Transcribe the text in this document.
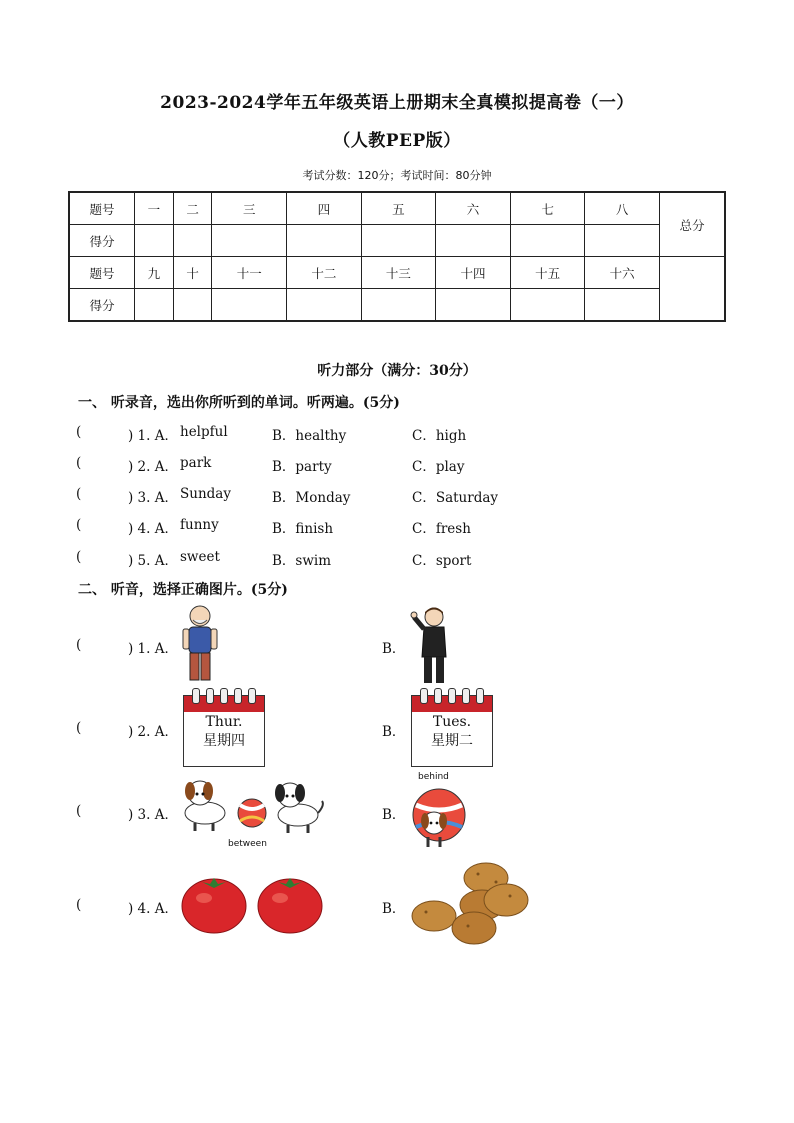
2023-2024学年五年级英语上册期末全真模拟提高卷（一）
（人教PEP版）
考试分数：120分；考试时间：80分钟
题号	一	二	三	四	五	六	七	八	总分
得分									
题号	九	十	十一	十二	十三	十四	十五	十六	
得分									
听力部分（满分：30分）
一、 听录音，选出你所听到的单词。听两遍。(5分)
(	) 1. A． helpful	B．healthy	C．high
(	) 2. A． park	B．party	C．play
(	) 3. A． Sunday	B．Monday	C．Saturday
(	) 4. A． funny	B．finish	C．fresh
(	) 5. A． sweet	B．swim	C．sport
二、 听音，选择正确图片。(5分)
(	) 1. A．	B．
(	) 2. A．	B．
Thur.
星期四
Tues.
星期二
(	) 3. A．	B．
between
behind
(	) 4. A．	B．
